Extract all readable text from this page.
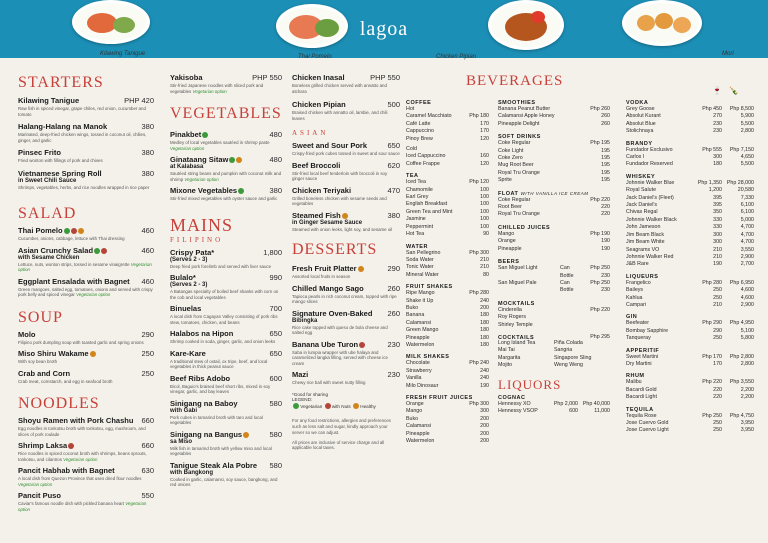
lagoa
Kilawing Tanigue	Thai Pomelo	Chicken Pipian	Mori
STARTERS
Kilawing Tanigue	PHP 420
Raw fish in spiced vinegar, grape chiles, red onion, cucumber and tomato
Halang-Halang na Manok	380
Marinated, deep-fried chicken wings, tossed in coconut oil, chilies, ginger, and garlic
Pinsec Frito	380
Fried wonton with fillings of pork and chives
Vietnamese Spring Roll	380
in Sweet Chili Sauce
Shrimps, vegetables, herbs, and rice noodles wrapped in rice paper
SALAD
Thai Pomelo	460
Cucumber, onions, cabbage, lettuce with Thai dressing
Asian Crunchy Salad	460
with Sesame Chicken
Lettuce, nuts, wonton strips, tossed in sesame vinaigrette Vegetarian option
Eggplant Ensalada with Bagnet	460
Green mangoes, salted egg, tomatoes, onions and served with crispy pork belly and spiced vinegar Vegetarian option
SOUP
Molo	290
Filipino pork dumpling soup with toasted garlic and spring onions
Miso Shiru Wakame	250
With soy bean broth
Crab and Corn	250
Crab meat, cornstarch, and egg in seafood broth
NOODLES
Shoyu Ramen with Pork Chashu	660
Egg noodles in tonkotsu broth with tonkotsu, egg, mushroom, and slices of pork roulade
Shrimp Laksa	660
Rice noodles in spiced coconut broth with shrimps, beans sprouts, tonkotsu, and cilantros Vegetarian option
Pancit Habhab with Bagnet	630
A local dish from Quezon Province that uses dried flour noodles Vegetarian option
Pancit Puso	550
Caviar's famous noodle dish with pickled banana heart Vegetarian option
Yakisoba	PHP 550
Stir-fried Japanese noodles with sliced pork and vegetables Vegetarian option
VEGETABLES
Pinakbet	480
Medley of local vegetables sautéed in shrimp paste Vegetarian option
Ginataang Sitaw	480
at Kalabasa
Sautéed string beans and pumpkin with coconut milk and shrimp Vegetarian option
Mixone Vegetables	380
Stir-fried mixed vegetables with oyster sauce and garlic
MAINS
FILIPINO
Crispy Pata*	1,800
(Serves 2 - 3)
Deep fried pork forelimb and served with liver sauce
Bulalo*	990
(Serves 2 - 3)
A Batangas specialty of boiled beef shanks with corn on the cob and local vegetables
Binuelas	700
A local dish from Cagayan Valley consisting of pork ribs stew, tomatoes, chicken, and beans
Halabos na Hipon	650
Shrimp cooked in soda, ginger, garlic, and onion leeks
Kare-Kare	650
A traditional stew of oxtail, ox tripe, beef, and local vegetables in thick peanut sauce
Beef Ribs Adobo	600
Bicol, Baguio's braised beef short ribs, mixed in soy vinegar, garlic, and bay leaves
Sinigang na Baboy	580
with Gabi
Pork cubes in tamarind broth with taro and local vegetables
Sinigang na Bangus	580
sa Miso
Milk fish in tamarind broth with yellow miso and local vegetables
Tanigue Steak Ala Pobre	580
with Bangkong
Cooked in garlic, calamansi, soy sauce, bangkong, and red onions
Chicken Inasal	PHP 550
Boneless grilled chicken served with annatto and atchara
Chicken Pipian	500
Braised chicken with annatto oil, lambie, and chili leaves
ASIAN
Sweet and Sour Pork	650
Crispy-fried pork cubes tossed in sweet and sour sauce
Beef Broccoli	620
Stir-fried local beef tenderloin with broccoli in soy ginger sauce
Chicken Teriyaki	470
Grilled boneless chicken with sesame seeds and vegetables
Steamed Fish	380
in Ginger Sesame Sauce
Steamed with onion leeks, light soy, and sesame oil
DESSERTS
Fresh Fruit Platter	290
Assorted local fruits in season
Chilled Mango Sago	260
Tapioca pearls in rich coconut cream, topped with ripe mango slices
Signature Oven-Baked	260
Bibingka
Rice cake topped with queso de bola cheese and salted egg
Banana Ube Turon	230
Saba in lumpia wrapper with ube halaya and caramelized langka filling, served with cheese ice cream
Mazi	230
Chewy rice ball with sweet nutty filling
*Good for sharing
LEGEND:
Vegetarian with Nuts Healthy
For any food restrictions, allergies and preferences such as less salt and sugar, kindly approach your server so we can adjust.
All prices are inclusive of service charge and all applicable local taxes.
BEVERAGES
COFFEE
Hot
Caramel Macchiato	Php 180
Café Latte	170
Cappuccino	170
Pinoy Brew	120
Cold
Iced Cappuccino	160
Coffee Frappe	120
TEA
Iced Tea	Php 120
Chamomile	100
Earl Grey	100
English Breakfast	100
Green Tea and Mint	100
Jasmine	100
Peppermint	100
Hot Tea	90
WATER
San Pellegrino	Php 300
Soda Water	210
Tonic Water	210
Mineral Water	80
FRUIT SHAKES
Ripe Mango	Php 280
Shake it Up	240
Buko	200
Banana	180
Calamansi	180
Green Mango	180
Pineapple	180
Watermelon	180
MILK SHAKES
Chocolate	Php 240
Strawberry	240
Vanilla	240
Milo Dinosaur	190
FRESH FRUIT JUICES
Orange	Php 300
Mango	300
Buko	200
Calamansi	200
Pineapple	200
Watermelon	200
SMOOTHIES
Banana Peanut Butter	Php 260
Calamansi Apple Honey	260
Pineapple Delight	260
SOFT DRINKS
Coke Regular	Php 195
Coke Light	195
Coke Zero	195
Mug Root Beer	195
Royal Tru Orange	195
Sprite	195
FLOAT WITH VANILLA ICE CREAM
Coke Regular	Php 220
Root Beer	220
Royal Tru Orange	220
CHILLED JUICES
Mango	Php 190
Orange	190
Pineapple	190
BEERS
San Miguel Light	Can	Php 250
Bottle	230
San Miguel Pale	Can	Php 250
Bottle	230
MOCKTAILS
Cinderella	Php 220
Roy Rogers
Shirley Temple
COCKTAILS	Php 295
Long Island Tea
Mai Tai
Margarita
Mojito
Piña Colada
Sangria
Singapore Sling
Weng Weng
LIQUORS
COGNAC
Hennessy XO	Php 2,000 Php 40,000
Hennessy VSOP	600	11,000
🍷   🍾
VODKA
Grey Goose	Php 450	Php 8,500
Absolut Kurant	270	5,900
Absolut Blue	230	5,500
Stolichnaya	230	2,800
BRANDY
Fundador Exclusivo	Php 555	Php 7,150
Carlos I	300	4,650
Fundador Reserved	180	5,500
WHISKEY
Johnnie Walker Blue	Php 1,350 Php 28,000
Royal Salute	1,200	20,580
Jack Daniel's (Fleet)	395	7,330
Jack Daniel's	395	6,100
Chivas Regal	350	6,100
Johnnie Walker Black	330	5,000
John Jameson	330	4,700
Jim Beam Black	300	4,700
Jim Beam White	300	4,700
Seagrams VO	210	3,550
Johnnie Walker Red	210	2,900
J&B Rare	190	2,700
LIQUEURS
Frangelico	Php 280	Php 6,950
Baileys	250	4,600
Kahlua	250	4,600
Campari	210	2,900
GIN
Beefeater	Php 290	Php 4,950
Bombay Sapphire	290	5,100
Tanqueray	250	5,800
APPERITIF
Sweet Martini	Php 170	Php 2,800
Dry Martini	170	2,800
RHUM
Malibu	Php 220	Php 3,550
Bacardi Gold	220	2,200
Bacardi Light	220	2,200
TEQUILA
Tequila Rose	Php 250	Php 4,750
Jose Cuervo Gold	250	3,950
Jose Cuervo Light	250	3,950
